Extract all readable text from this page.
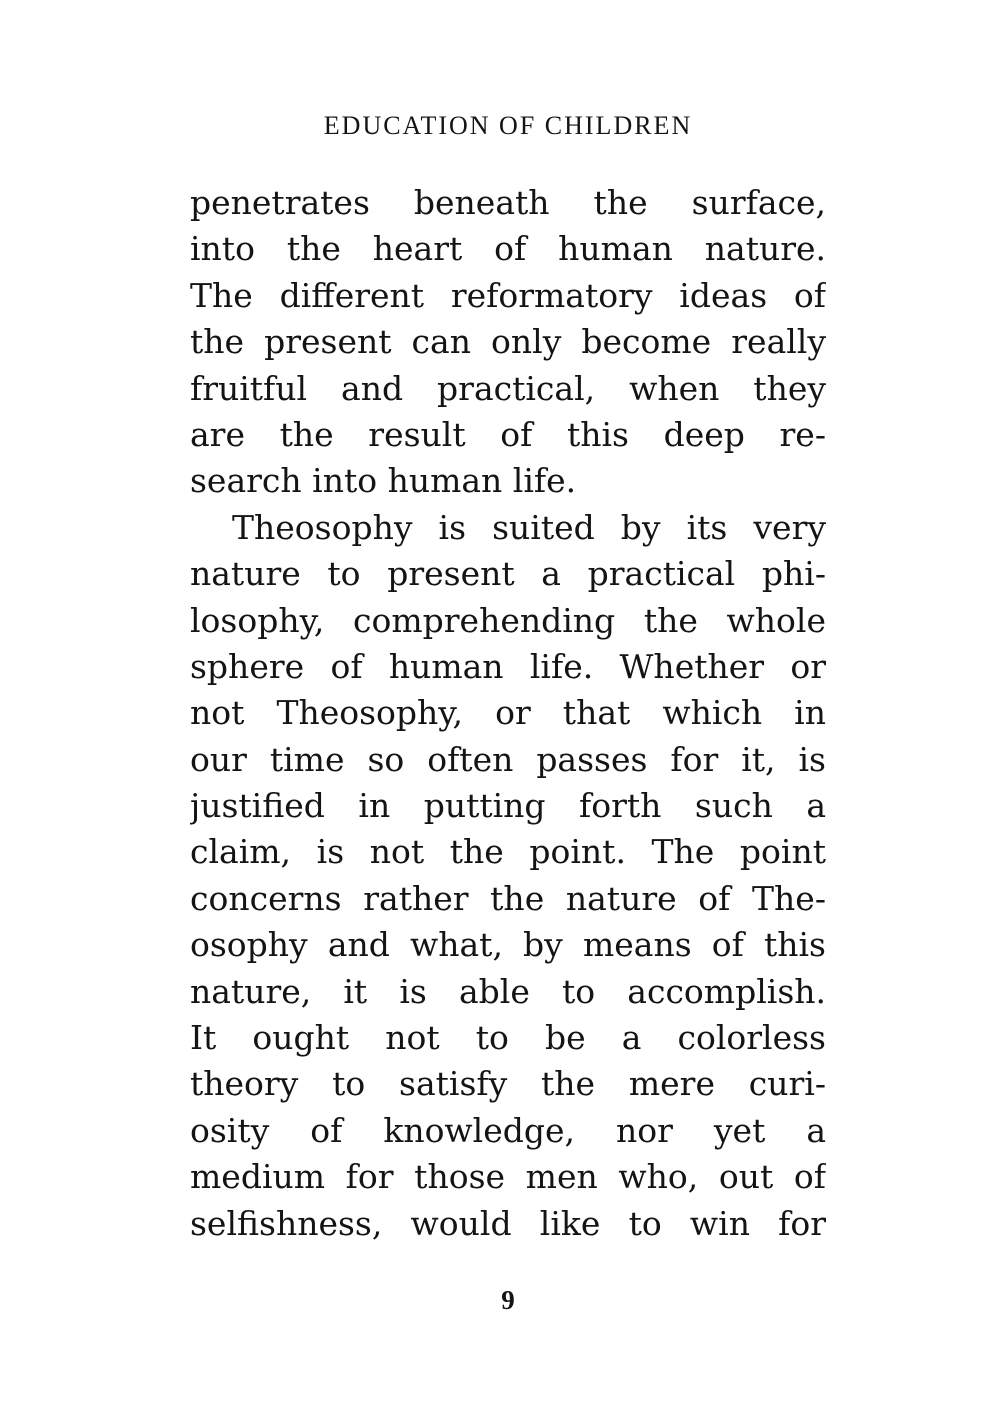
EDUCATION OF CHILDREN
penetrates beneath the surface,
into the heart of human nature.
The different reformatory ideas of
the present can only become really
fruitful and practical, when they
are the result of this deep re-
search into human life.
Theosophy is suited by its very
nature to present a practical phi-
losophy, comprehending the whole
sphere of human life. Whether or
not Theosophy, or that which in
our time so often passes for it, is
justified in putting forth such a
claim, is not the point. The point
concerns rather the nature of The-
osophy and what, by means of this
nature, it is able to accomplish.
It ought not to be a colorless
theory to satisfy the mere curi-
osity of knowledge, nor yet a
medium for those men who, out of
selfishness, would like to win for
9
